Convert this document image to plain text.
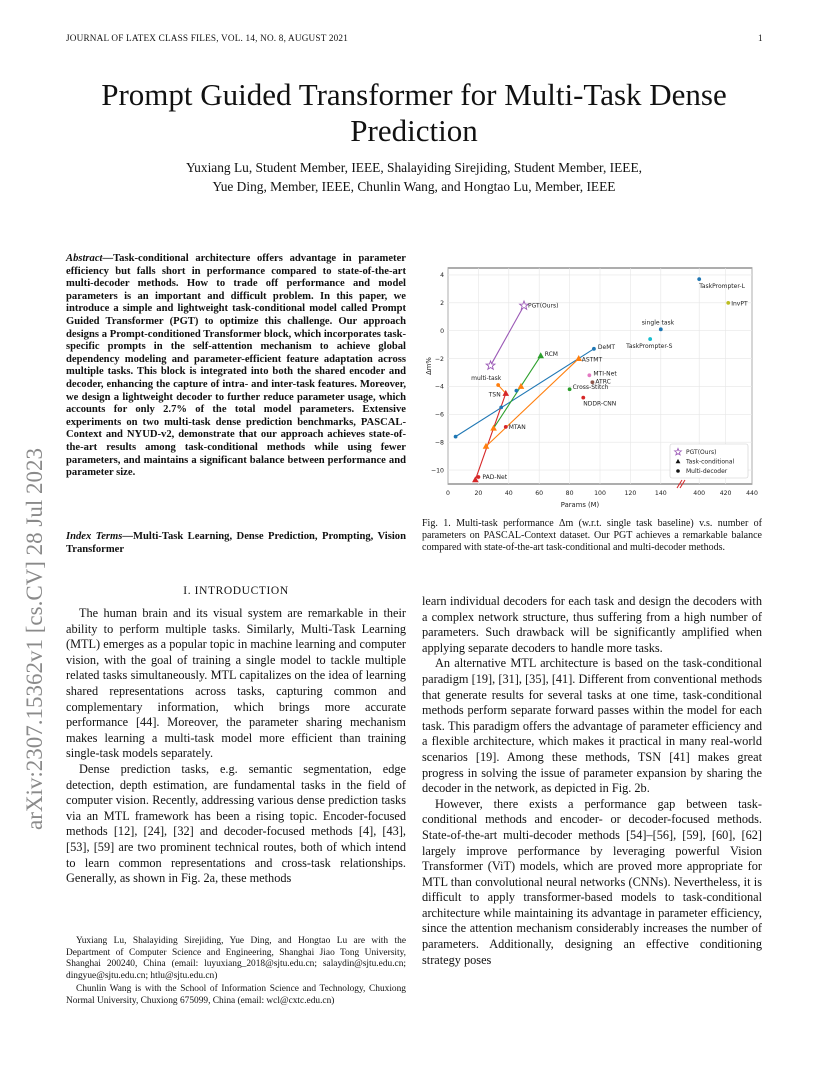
JOURNAL OF LATEX CLASS FILES, VOL. 14, NO. 8, AUGUST 2021	1
Prompt Guided Transformer for Multi-Task Dense Prediction
Yuxiang Lu, Student Member, IEEE, Shalayiding Sirejiding, Student Member, IEEE,
Yue Ding, Member, IEEE, Chunlin Wang, and Hongtao Lu, Member, IEEE
arXiv:2307.15362v1 [cs.CV] 28 Jul 2023
Abstract—Task-conditional architecture offers advantage in parameter efficiency but falls short in performance compared to state-of-the-art multi-decoder methods. How to trade off performance and model parameters is an important and difficult problem. In this paper, we introduce a simple and lightweight task-conditional model called Prompt Guided Transformer (PGT) to optimize this challenge. Our approach designs a Prompt-conditioned Transformer block, which incorporates task-specific prompts in the self-attention mechanism to achieve global dependency modeling and parameter-efficient feature adaptation across multiple tasks. This block is integrated into both the shared encoder and decoder, enhancing the capture of intra- and inter-task features. Moreover, we design a lightweight decoder to further reduce parameter usage, which accounts for only 2.7% of the total model parameters. Extensive experiments on two multi-task dense prediction benchmarks, PASCAL-Context and NYUD-v2, demonstrate that our approach achieves state-of-the-art results among task-conditional methods while using fewer parameters, and maintains a significant balance between performance and parameter size.
Index Terms—Multi-Task Learning, Dense Prediction, Prompting, Vision Transformer
I. INTRODUCTION

The human brain and its visual system are remarkable in their ability to perform multiple tasks. Similarly, Multi-Task Learning (MTL) emerges as a popular topic in machine learning and computer vision, with the goal of training a single model to tackle multiple related tasks simultaneously. MTL capitalizes on the idea of learning shared representations across tasks, capturing common and complementary information, which brings more accurate performance [44]. Moreover, the parameter sharing mechanism makes learning a multi-task model more efficient than training single-task models separately.

Dense prediction tasks, e.g. semantic segmentation, edge detection, depth estimation, are fundamental tasks in the field of computer vision. Recently, addressing various dense prediction tasks via an MTL framework has been a rising topic. Encoder-focused methods [12], [24], [32] and decoder-focused methods [4], [43], [53], [59] are two prominent technical routes, both of which intend to learn common representations and cross-task relationships. Generally, as shown in Fig. 2a, these methods

Yuxiang Lu, Shalayiding Sirejiding, Yue Ding, and Hongtao Lu are with the Department of Computer Science and Engineering, Shanghai Jiao Tong University, Shanghai 200240, China (email: luyuxiang_2018@sjtu.edu.cn; salaydin@sjtu.edu.cn; dingyue@sjtu.edu.cn; htlu@sjtu.edu.cn)

Chunlin Wang is with the School of Information Science and Technology, Chuxiong Normal University, Chuxiong 675099, China (email: wcl@cxtc.edu.cn)

0	20	40	60	80	100	120	140	400 420 440
4
2
0
−2
−4
−6
−8
−10
Params (M)
Δm%
PGT(Ours)
TSN
RCM
ASTMT
PAD-Net
multi-task
MTAN
Cross-Stitch
NDDR-CNN
MTI-Net
ATRC
DeMT TaskPrompter-S
single task
TaskPrompter-L
InvPT
PGT(Ours)
Task-conditional
Multi-decoder
Fig. 1. Multi-task performance Δm (w.r.t. single task baseline) v.s. number of parameters on PASCAL-Context dataset. Our PGT achieves a remarkable balance compared with state-of-the-art task-conditional and multi-decoder methods.

learn individual decoders for each task and design the decoders with a complex network structure, thus suffering from a high number of parameters. Such drawback will be significantly amplified when applying separate decoders to handle more tasks.

An alternative MTL architecture is based on the task-conditional paradigm [19], [31], [35], [41]. Different from conventional methods that generate results for several tasks at one time, task-conditional methods perform separate forward passes within the model for each task. This paradigm offers the advantage of parameter efficiency and a flexible architecture, which makes it practical in many real-world scenarios [19]. Among these methods, TSN [41] makes great progress in solving the issue of parameter expansion by sharing the decoder in the network, as depicted in Fig. 2b.

However, there exists a performance gap between task-conditional methods and encoder- or decoder-focused methods. State-of-the-art multi-decoder methods [54]–[56], [59], [60], [62] largely improve performance by leveraging powerful Vision Transformer (ViT) models, which are proved more appropriate for MTL than convolutional neural networks (CNNs). Nevertheless, it is difficult to apply transformer-based models to task-conditional architecture while maintaining its advantage in parameter efficiency, since the attention mechanism considerably increases the number of parameters. Additionally, designing an effective conditioning strategy poses
